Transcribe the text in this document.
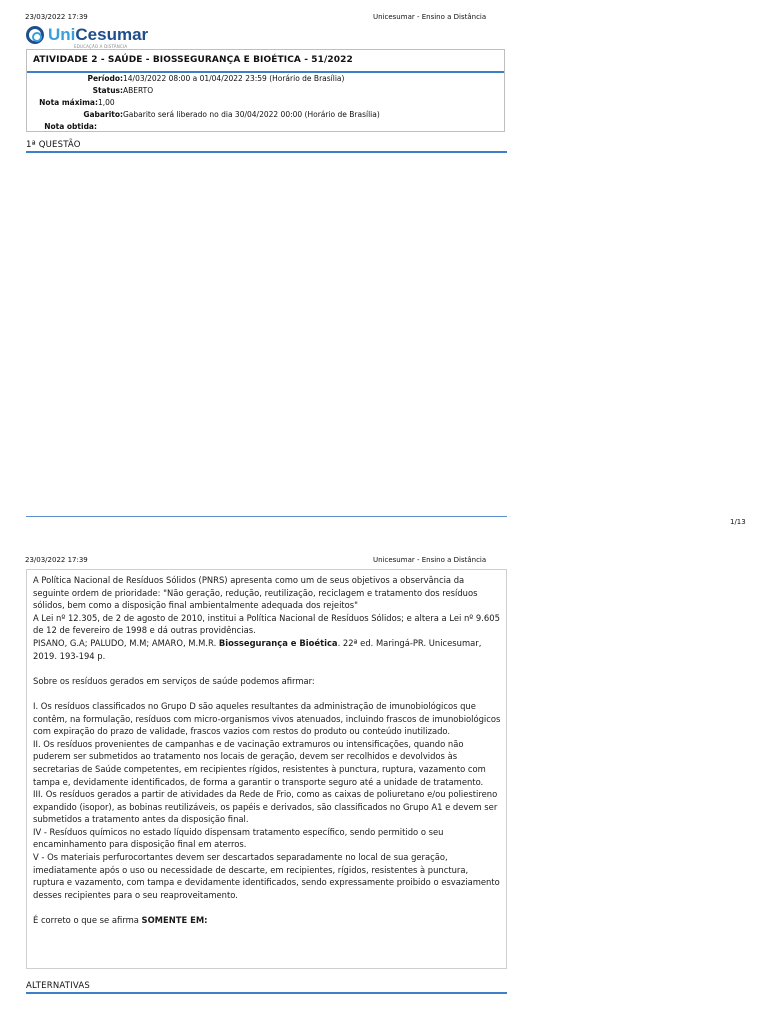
23/03/2022 17:39	Unicesumar - Ensino a Distância
UniCesumar
EDUCAÇÃO A DISTÂNCIA
ATIVIDADE 2 - SAÚDE - BIOSSEGURANÇA E BIOÉTICA - 51/2022
Período:14/03/2022 08:00 a 01/04/2022 23:59 (Horário de Brasília)
Status:ABERTO
Nota máxima:1,00
Gabarito:Gabarito será liberado no dia 30/04/2022 00:00 (Horário de Brasília)
Nota obtida:
1ª QUESTÃO
1/13
23/03/2022 17:39	Unicesumar - Ensino a Distância

A Política Nacional de Resíduos Sólidos (PNRS) apresenta como um de seus objetivos a observância da seguinte ordem de prioridade: "Não geração, redução, reutilização, reciclagem e tratamento dos resíduos sólidos, bem como a disposição final ambientalmente adequada dos rejeitos"

A Lei nº 12.305, de 2 de agosto de 2010, institui a Política Nacional de Resíduos Sólidos; e altera a Lei nº 9.605 de 12 de fevereiro de 1998 e dá outras providências.

PISANO, G.A; PALUDO, M.M; AMARO, M.M.R. Biossegurança e Bioética. 22ª ed. Maringá-PR. Unicesumar, 2019. 193-194 p.

Sobre os resíduos gerados em serviços de saúde podemos afirmar:

I. Os resíduos classificados no Grupo D são aqueles resultantes da administração de imunobiológicos que contêm, na formulação, resíduos com micro-organismos vivos atenuados, incluindo frascos de imunobiológicos com expiração do prazo de validade, frascos vazios com restos do produto ou conteúdo inutilizado.

II. Os resíduos provenientes de campanhas e de vacinação extramuros ou intensificações, quando não puderem ser submetidos ao tratamento nos locais de geração, devem ser recolhidos e devolvidos às secretarias de Saúde competentes, em recipientes rígidos, resistentes à punctura, ruptura, vazamento com tampa e, devidamente identificados, de forma a garantir o transporte seguro até a unidade de tratamento.

III. Os resíduos gerados a partir de atividades da Rede de Frio, como as caixas de poliuretano e/ou poliestireno expandido (isopor), as bobinas reutilizáveis, os papéis e derivados, são classificados no Grupo A1 e devem ser submetidos a tratamento antes da disposição final.

IV - Resíduos químicos no estado líquido dispensam tratamento específico, sendo permitido o seu encaminhamento para disposição final em aterros.

V - Os materiais perfurocortantes devem ser descartados separadamente no local de sua geração, imediatamente após o uso ou necessidade de descarte, em recipientes, rígidos, resistentes à punctura, ruptura e vazamento, com tampa e devidamente identificados, sendo expressamente proibido o esvaziamento desses recipientes para o seu reaproveitamento.

É correto o que se afirma SOMENTE EM:

ALTERNATIVAS
